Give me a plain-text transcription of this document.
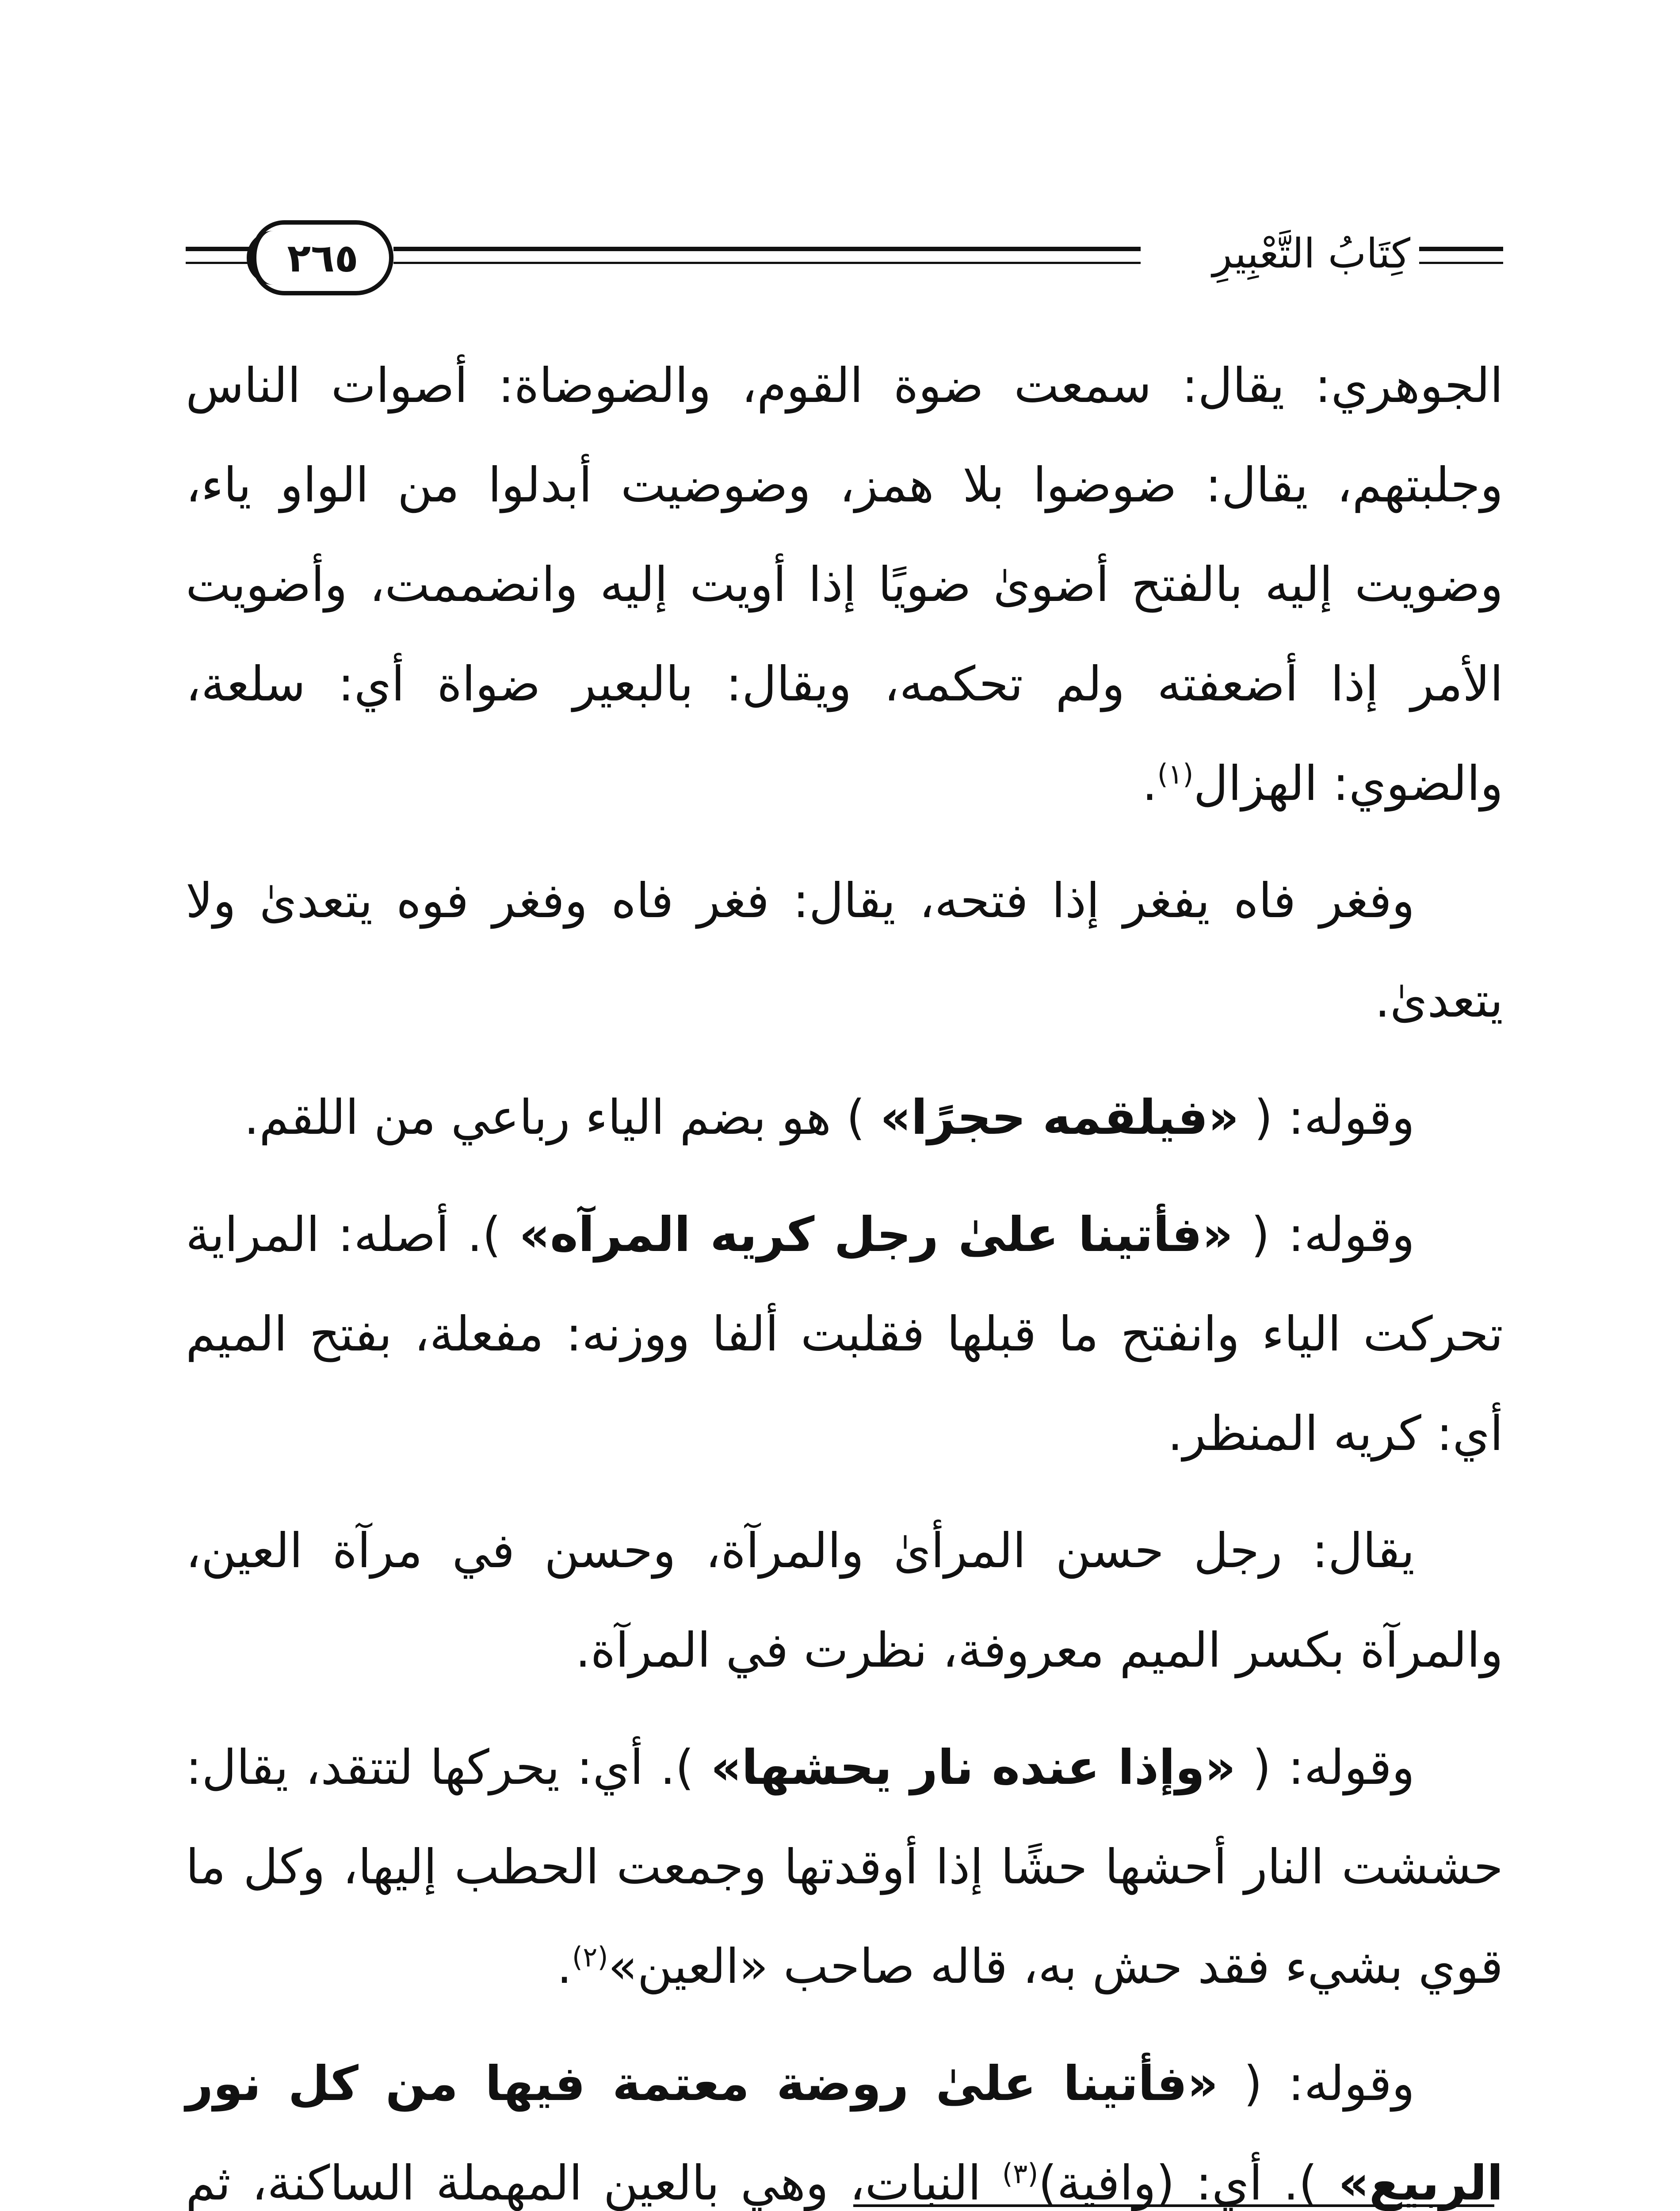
٢٦٥	كِتَابُ التَّعْبِيرِ

الجوهري: يقال: سمعت ضوة القوم، والضوضاة: أصوات الناس وجلبتهم، يقال: ضوضوا بلا همز، وضوضيت أبدلوا من الواو ياء، وضويت إليه بالفتح أضوىٰ ضويًا إذا أويت إليه وانضممت، وأضويت الأمر إذا أضعفته ولم تحكمه، ويقال: بالبعير ضواة أي: سلعة، والضوي: الهزال$^{(١)}$.

وفغر فاه يفغر إذا فتحه، يقال: فغر فاه وفغر فوه يتعدىٰ ولا يتعدىٰ.

وقوله: ( «فيلقمه حجرًا» ) هو بضم الياء رباعي من اللقم.

وقوله: ( «فأتينا علىٰ رجل كريه المرآه» ). أصله: المراية تحركت الياء وانفتح ما قبلها فقلبت ألفا ووزنه: مفعلة، بفتح الميم أي: كريه المنظر.

يقال: رجل حسن المرأىٰ والمرآة، وحسن في مرآة العين، والمرآة بكسر الميم معروفة، نظرت في المرآة.

وقوله: ( «وإذا عنده نار يحشها» ). أي: يحركها لتتقد، يقال: حششت النار أحشها حشًا إذا أوقدتها وجمعت الحطب إليها، وكل ما قوي بشيء فقد حش به، قاله صاحب «العين»$^{(٢)}$.

وقوله: ( «فأتينا علىٰ روضة معتمة فيها من كل نور الربيع» ). أي: (وافية)$^{(٣)}$ النبات، وهي بالعين المهملة الساكنة، ثم
